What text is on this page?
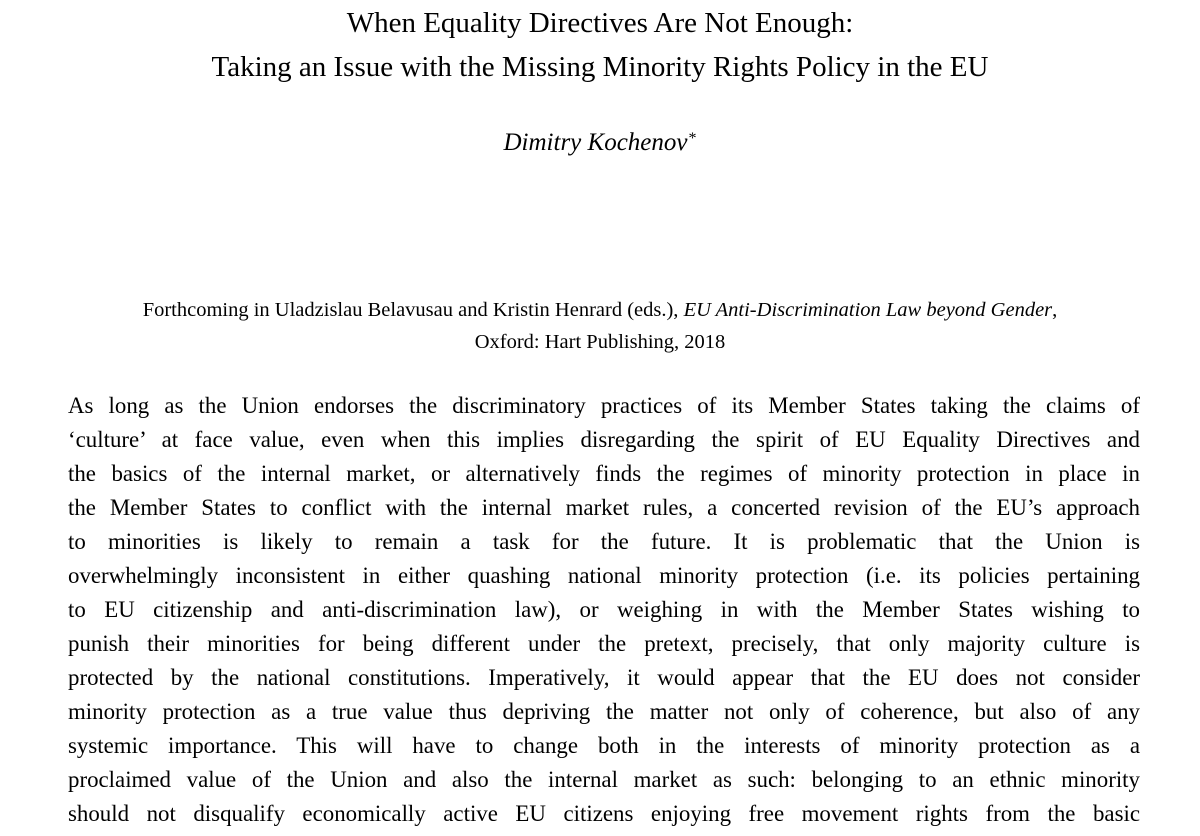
When Equality Directives Are Not Enough:
Taking an Issue with the Missing Minority Rights Policy in the EU
Dimitry Kochenov*
Forthcoming in Uladzislau Belavusau and Kristin Henrard (eds.), EU Anti-Discrimination Law beyond Gender,
Oxford: Hart Publishing, 2018
As long as the Union endorses the discriminatory practices of its Member States taking the claims of
‘culture’ at face value, even when this implies disregarding the spirit of EU Equality Directives and
the basics of the internal market, or alternatively finds the regimes of minority protection in place in
the Member States to conflict with the internal market rules, a concerted revision of the EU’s approach
to minorities is likely to remain a task for the future. It is problematic that the Union is
overwhelmingly inconsistent in either quashing national minority protection (i.e. its policies pertaining
to EU citizenship and anti-discrimination law), or weighing in with the Member States wishing to
punish their minorities for being different under the pretext, precisely, that only majority culture is
protected by the national constitutions. Imperatively, it would appear that the EU does not consider
minority protection as a true value thus depriving the matter not only of coherence, but also of any
systemic importance. This will have to change both in the interests of minority protection as a
proclaimed value of the Union and also the internal market as such: belonging to an ethnic minority
should not disqualify economically active EU citizens enjoying free movement rights from the basic
